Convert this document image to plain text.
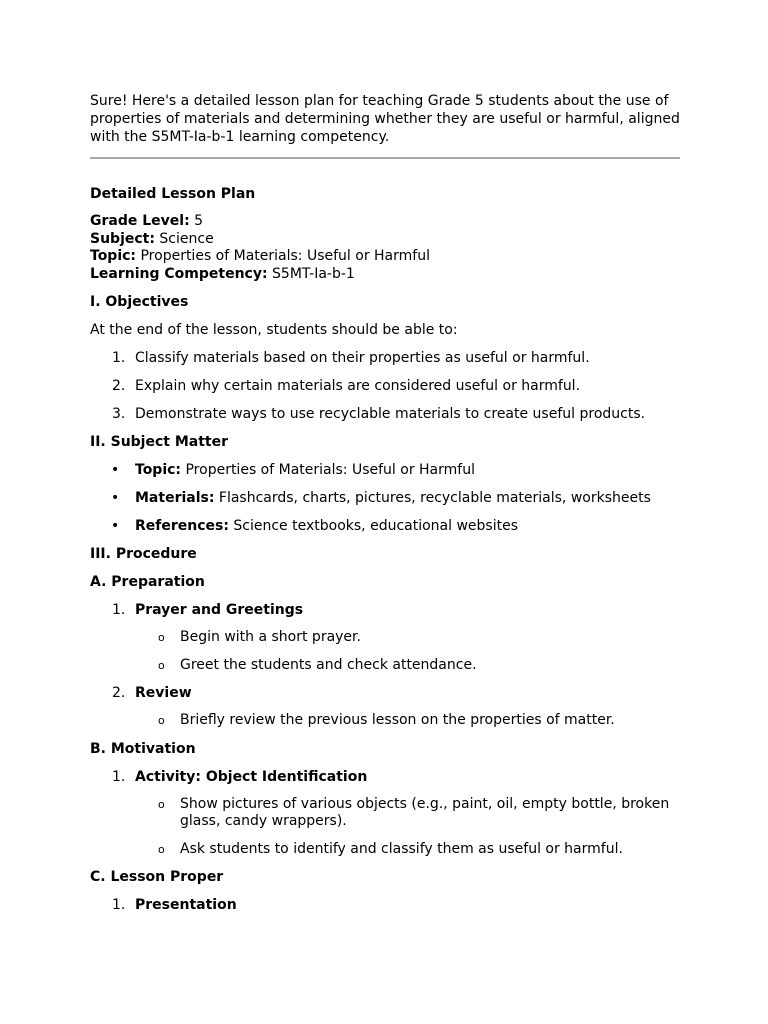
Sure! Here's a detailed lesson plan for teaching Grade 5 students about the use of properties of materials and determining whether they are useful or harmful, aligned with the S5MT-Ia-b-1 learning competency.

Detailed Lesson Plan
Grade Level: 5
Subject: Science
Topic: Properties of Materials: Useful or Harmful
Learning Competency: S5MT-Ia-b-1
I. Objectives
At the end of the lesson, students should be able to:
1. Classify materials based on their properties as useful or harmful.
2. Explain why certain materials are considered useful or harmful.
3. Demonstrate ways to use recyclable materials to create useful products.
II. Subject Matter
• Topic: Properties of Materials: Useful or Harmful
• Materials: Flashcards, charts, pictures, recyclable materials, worksheets
• References: Science textbooks, educational websites
III. Procedure
A. Preparation
1. Prayer and Greetings
o Begin with a short prayer.
o Greet the students and check attendance.
2. Review
o Briefly review the previous lesson on the properties of matter.
B. Motivation
1. Activity: Object Identification
o Show pictures of various objects (e.g., paint, oil, empty bottle, broken glass, candy wrappers).
o Ask students to identify and classify them as useful or harmful.
C. Lesson Proper
1. Presentation
